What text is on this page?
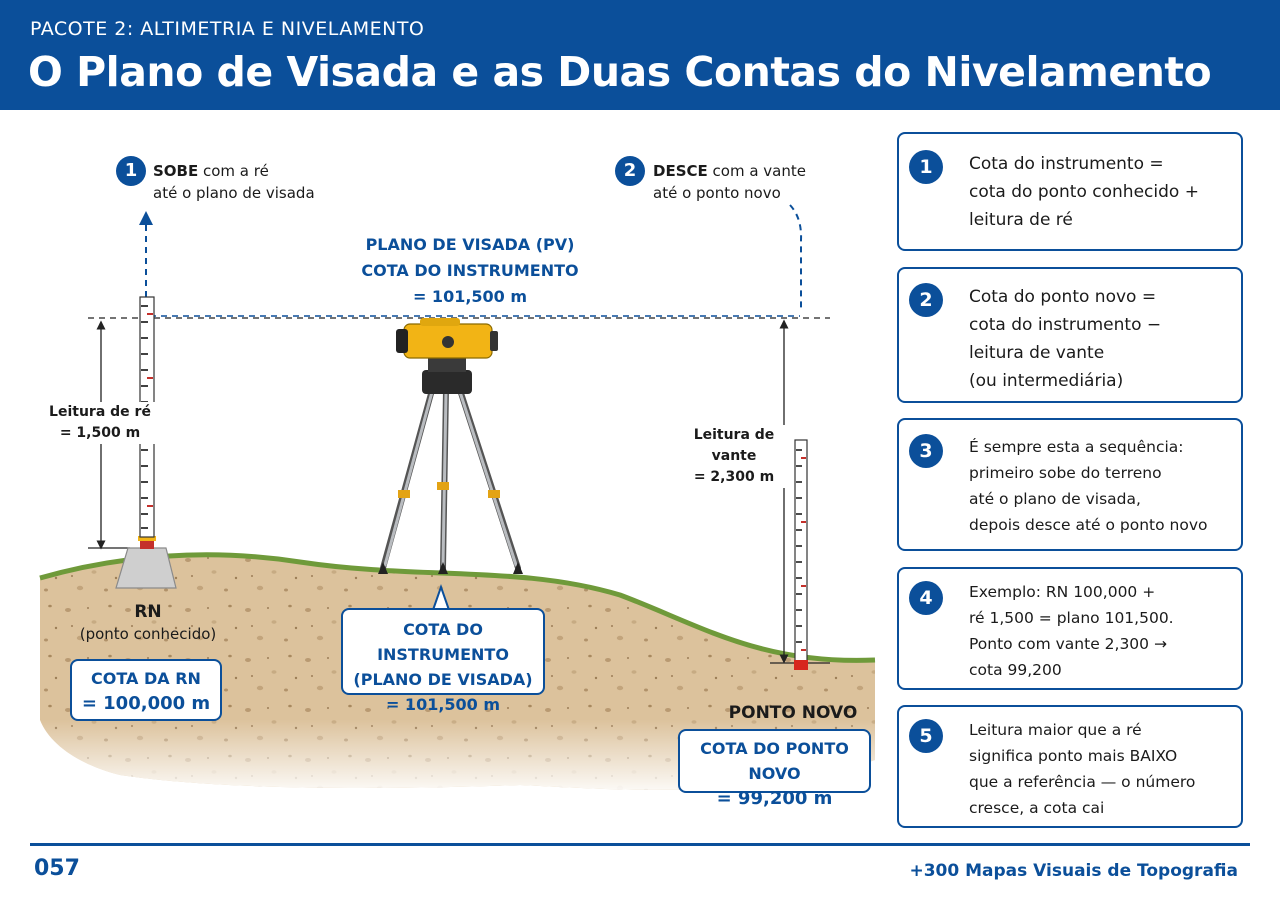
PACOTE 2: ALTIMETRIA E NIVELAMENTO
O Plano de Visada e as Duas Contas do Nivelamento
1	SOBE com a ré
até o plano de visada
2	DESCE com a vante
até o ponto novo
PLANO DE VISADA (PV)
COTA DO INSTRUMENTO
= 101,500 m
Leitura de ré
= 1,500 m	Leitura de vante
= 2,300 m
RN
(ponto conhecido)
COTA DA RN
= 100,000 m
COTA DO INSTRUMENTO
(PLANO DE VISADA)
= 101,500 m	PONTO NOVO
COTA DO PONTO NOVO
= 99,200 m
1	Cota do instrumento =
cota do ponto conhecido +
leitura de ré
2	Cota do ponto novo =
cota do instrumento −
leitura de vante
(ou intermediária)
3	É sempre esta a sequência:
primeiro sobe do terreno
até o plano de visada,
depois desce até o ponto novo
4	Exemplo: RN 100,000 +
ré 1,500 = plano 101,500.
Ponto com vante 2,300 →
cota 99,200
5	Leitura maior que a ré
significa ponto mais BAIXO
que a referência — o número
cresce, a cota cai
057	+300 Mapas Visuais de Topografia
